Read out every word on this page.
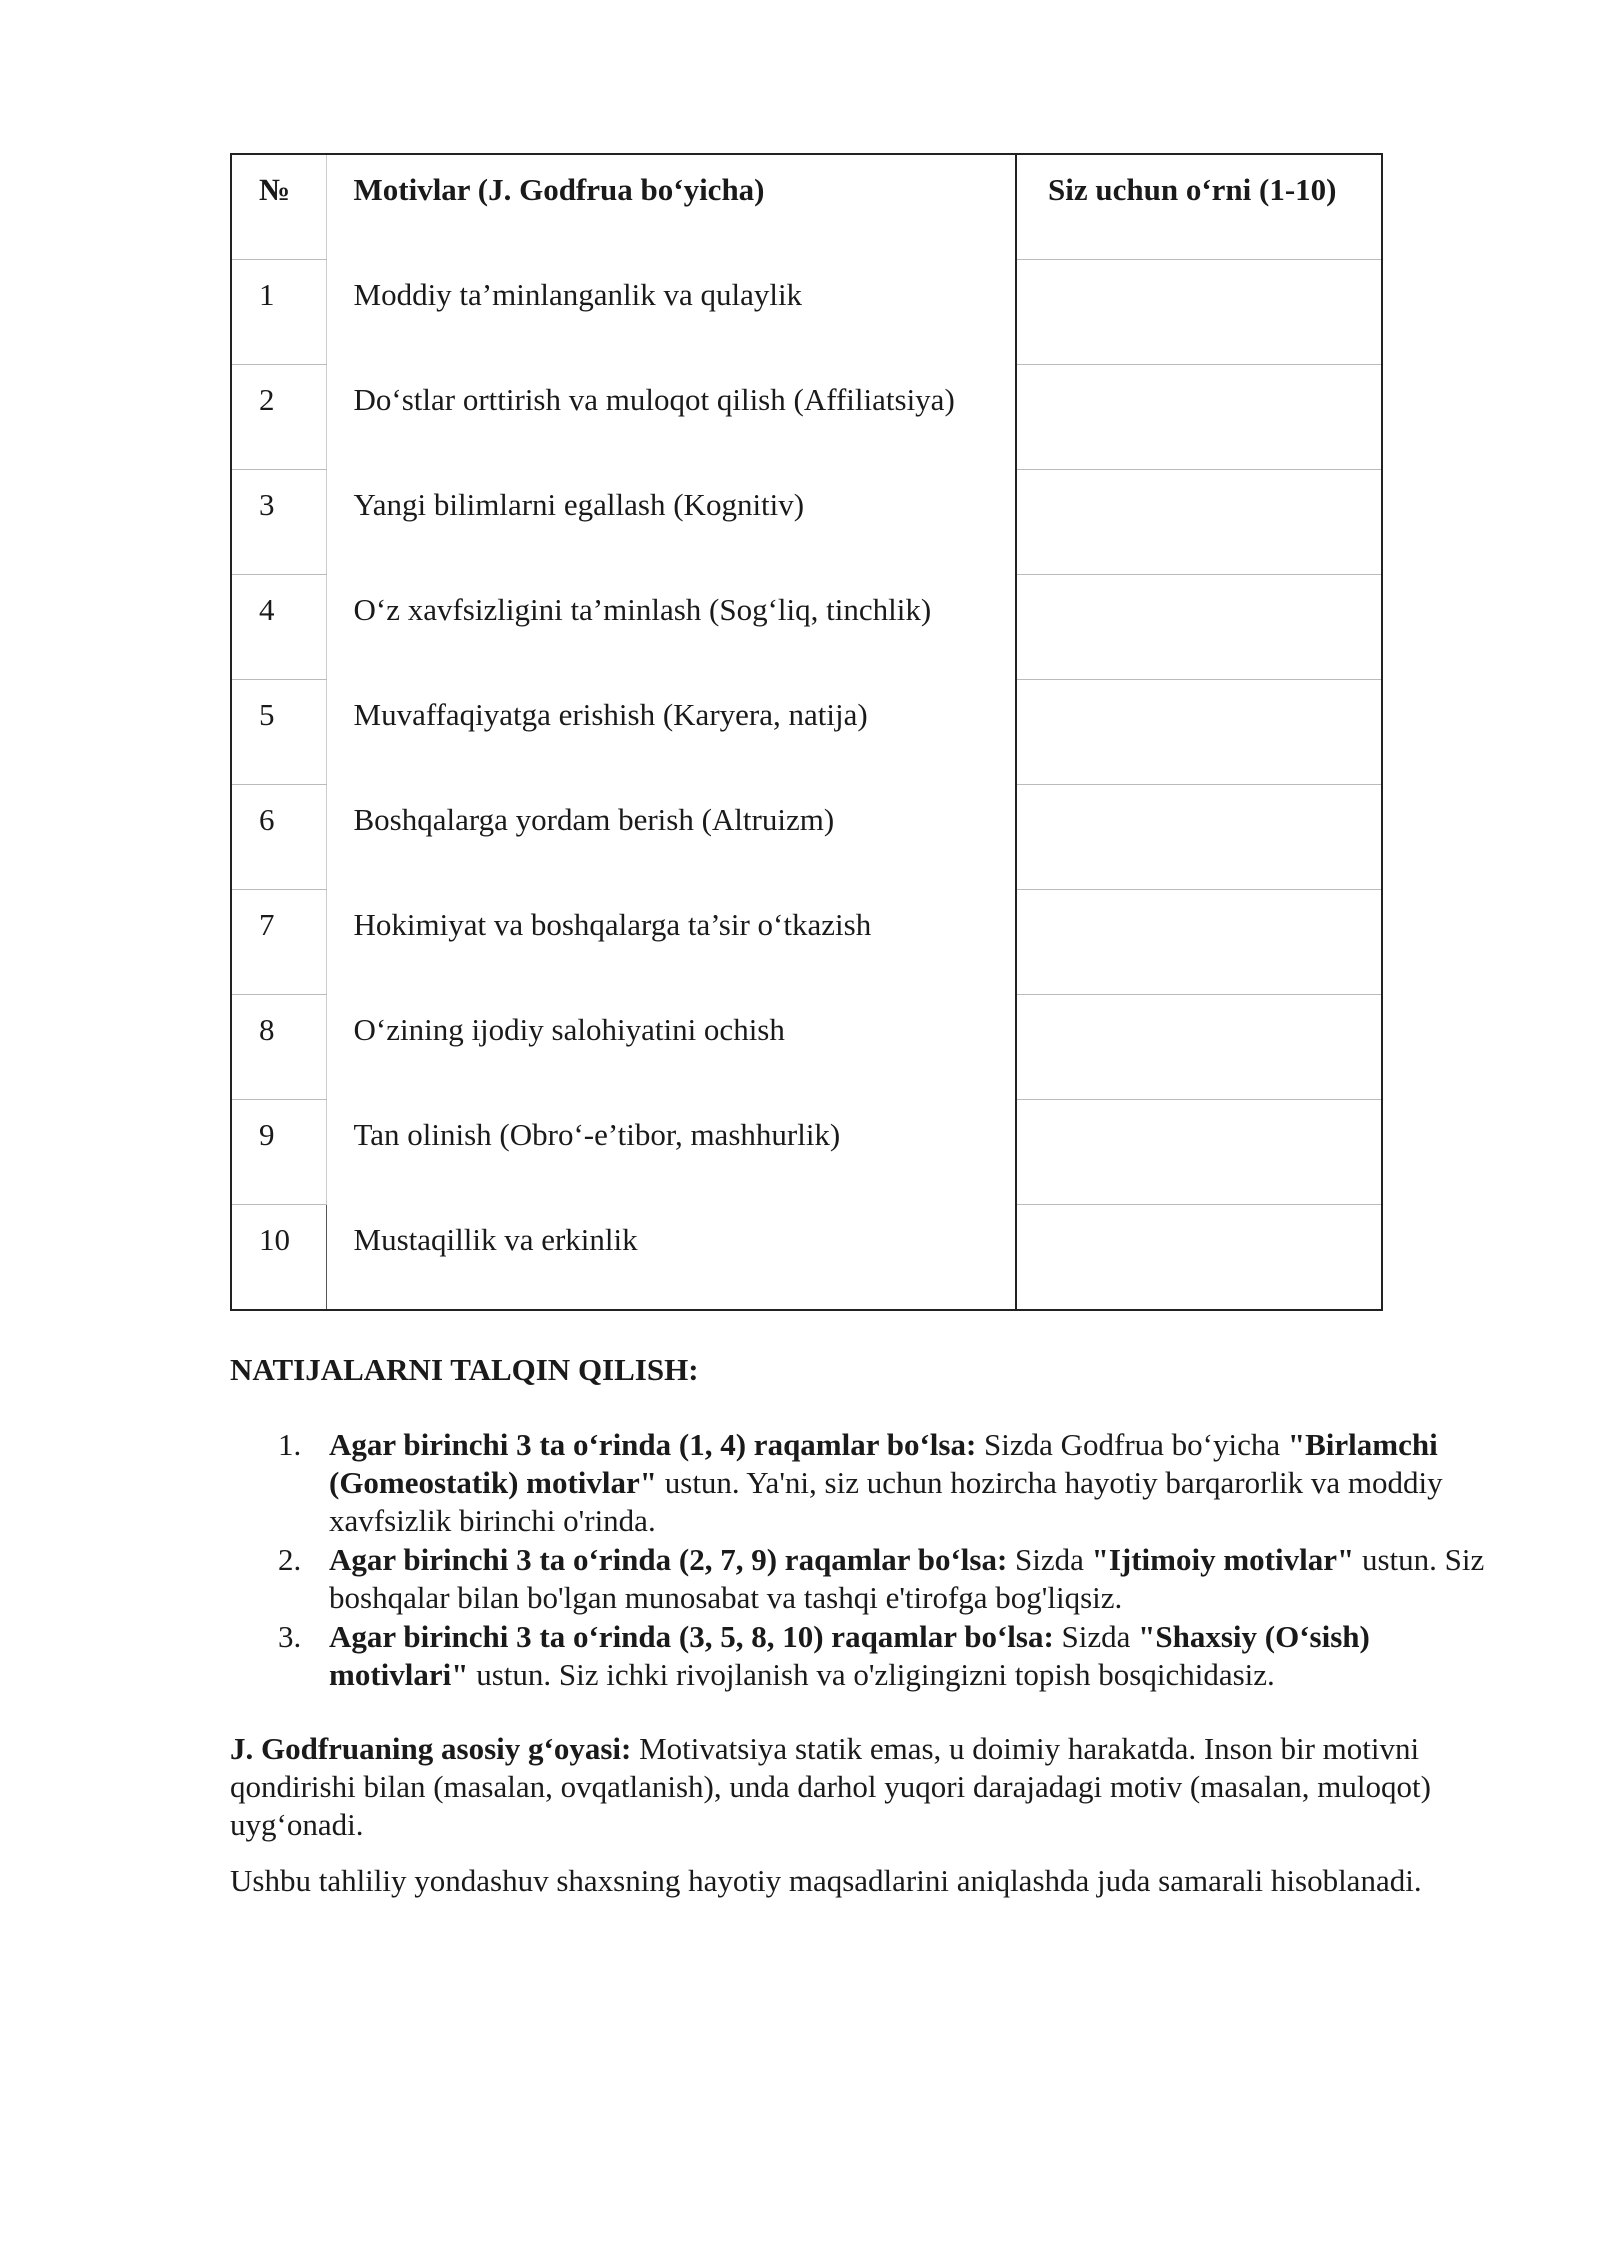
№	Motivlar (J. Godfrua bo‘yicha)	Siz uchun o‘rni (1-10)

1	Moddiy ta’minlanganlik va qulaylik	

2	Do‘stlar orttirish va muloqot qilish (Affiliatsiya)	

3	Yangi bilimlarni egallash (Kognitiv)	

4	O‘z xavfsizligini ta’minlash (Sog‘liq, tinchlik)	

5	Muvaffaqiyatga erishish (Karyera, natija)	

6	Boshqalarga yordam berish (Altruizm)	

7	Hokimiyat va boshqalarga ta’sir o‘tkazish	

8	O‘zining ijodiy salohiyatini ochish	

9	Tan olinish (Obro‘-e’tibor, mashhurlik)	

10	Mustaqillik va erkinlik	

NATIJALARNI TALQIN QILISH:
1. Agar birinchi 3 ta o‘rinda (1, 4) raqamlar bo‘lsa: Sizda Godfrua bo‘yicha "Birlamchi (Gomeostatik) motivlar" ustun. Ya'ni, siz uchun hozircha hayotiy barqarorlik va moddiy xavfsizlik birinchi o'rinda.
2. Agar birinchi 3 ta o‘rinda (2, 7, 9) raqamlar bo‘lsa: Sizda "Ijtimoiy motivlar" ustun. Siz boshqalar bilan bo'lgan munosabat va tashqi e'tirofga bog'liqsiz.
3. Agar birinchi 3 ta o‘rinda (3, 5, 8, 10) raqamlar bo‘lsa: Sizda "Shaxsiy (O‘sish) motivlari" ustun. Siz ichki rivojlanish va o'zligingizni topish bosqichidasiz.

J. Godfruaning asosiy g‘oyasi: Motivatsiya statik emas, u doimiy harakatda. Inson bir motivni qondirishi bilan (masalan, ovqatlanish), unda darhol yuqori darajadagi motiv (masalan, muloqot) uyg‘onadi.

Ushbu tahliliy yondashuv shaxsning hayotiy maqsadlarini aniqlashda juda samarali hisoblanadi.
